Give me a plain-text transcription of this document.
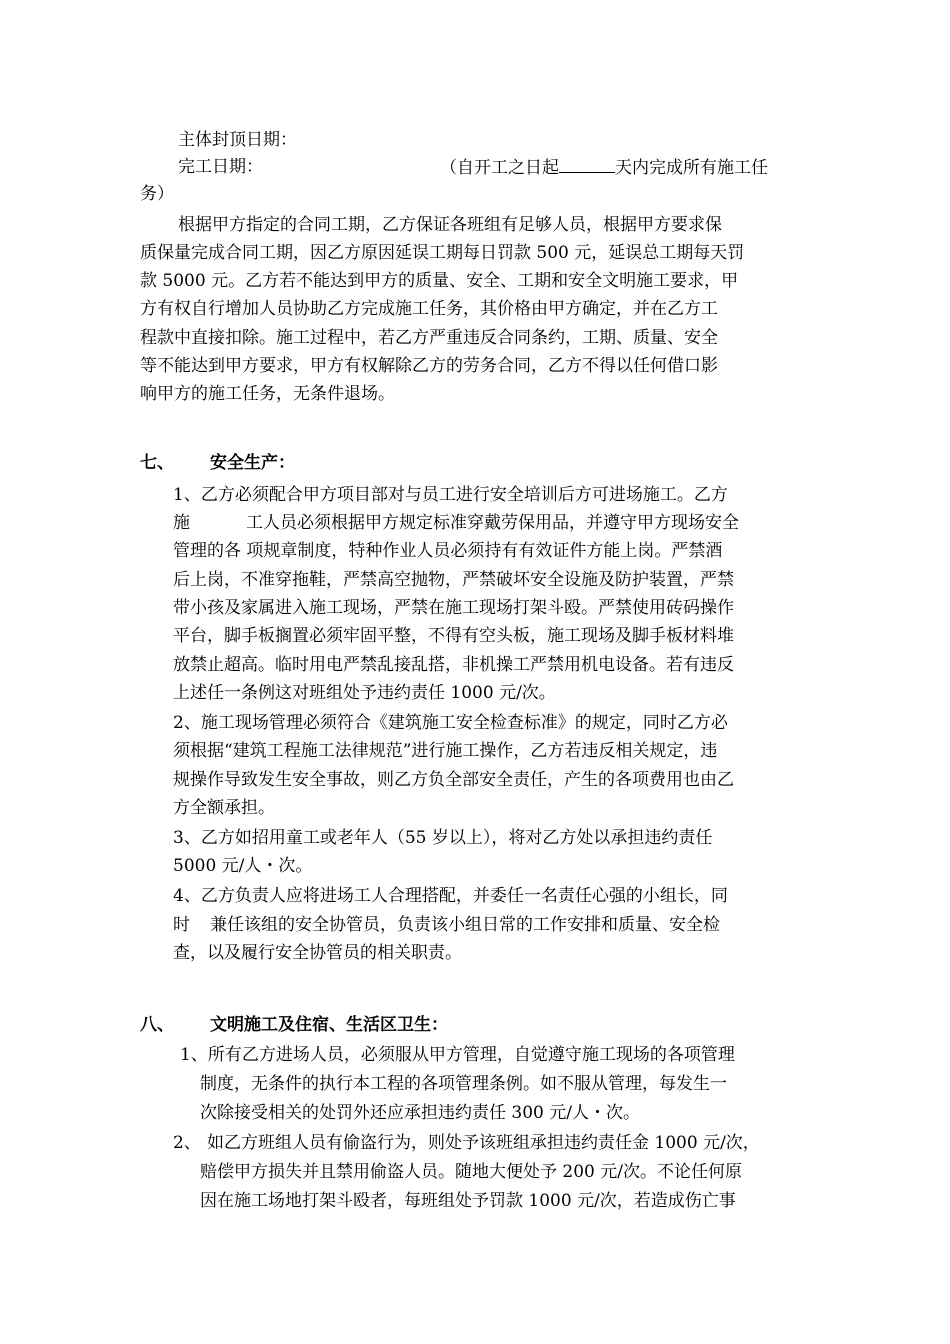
主体封顶日期：
完工日期：	（自开工之日起	天内完成所有施工任
务）
根据甲方指定的合同工期，乙方保证各班组有足够人员，根据甲方要求保
质保量完成合同工期，因乙方原因延误工期每日罚款 500 元，延误总工期每天罚
款 5000 元。乙方若不能达到甲方的质量、安全、工期和安全文明施工要求，甲
方有权自行增加人员协助乙方完成施工任务，其价格由甲方确定，并在乙方工
程款中直接扣除。施工过程中，若乙方严重违反合同条约，工期、质量、安全
等不能达到甲方要求，甲方有权解除乙方的劳务合同，乙方不得以任何借口影
响甲方的施工任务，无条件退场。
七、 安全生产：
1、乙方必须配合甲方项目部对与员工进行安全培训后方可进场施工。乙方
施	工人员必须根据甲方规定标准穿戴劳保用品，并遵守甲方现场安全
管理的各 项规章制度，特种作业人员必须持有有效证件方能上岗。严禁酒
后上岗，不准穿拖鞋，严禁高空抛物，严禁破坏安全设施及防护装置，严禁
带小孩及家属进入施工现场，严禁在施工现场打架斗殴。严禁使用砖码操作
平台，脚手板搁置必须牢固平整，不得有空头板，施工现场及脚手板材料堆
放禁止超高。临时用电严禁乱接乱搭，非机操工严禁用机电设备。若有违反
上述任一条例这对班组处予违约责任 1000 元/次。
2、施工现场管理必须符合《建筑施工安全检查标准》的规定，同时乙方必
须根据“建筑工程施工法律规范”进行施工操作，乙方若违反相关规定，违
规操作导致发生安全事故，则乙方负全部安全责任，产生的各项费用也由乙
方全额承担。
3、乙方如招用童工或老年人（55 岁以上），将对乙方处以承担违约责任
5000 元/人・次。
4、乙方负责人应将进场工人合理搭配，并委任一名责任心强的小组长，同
时 兼任该组的安全协管员，负责该小组日常的工作安排和质量、安全检
查，以及履行安全协管员的相关职责。
八、 文明施工及住宿、生活区卫生：
1、所有乙方进场人员，必须服从甲方管理，自觉遵守施工现场的各项管理
制度，无条件的执行本工程的各项管理条例。如不服从管理，每发生一
次除接受相关的处罚外还应承担违约责任 300 元/人・次。
2、 如乙方班组人员有偷盗行为，则处予该班组承担违约责任金 1000 元/次，
赔偿甲方损失并且禁用偷盗人员。随地大便处予 200 元/次。不论任何原
因在施工场地打架斗殴者，每班组处予罚款 1000 元/次，若造成伤亡事
